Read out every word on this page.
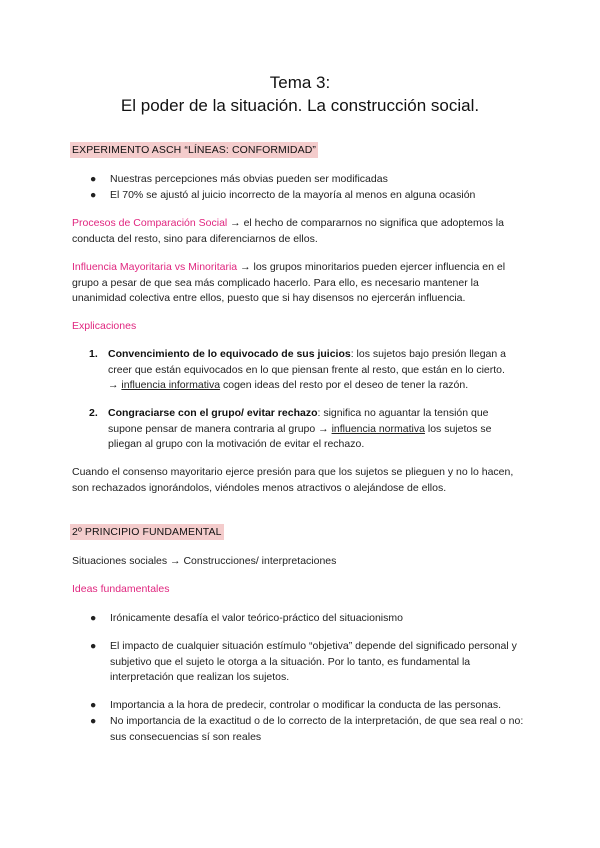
Tema 3:
El poder de la situación. La construcción social.
EXPERIMENTO ASCH “LÍNEAS: CONFORMIDAD”
●	Nuestras percepciones más obvias pueden ser modificadas
●	El 70% se ajustó al juicio incorrecto de la mayoría al menos en alguna ocasión
Procesos de Comparación Social → el hecho de compararnos no significa que adoptemos la conducta del resto, sino para diferenciarnos de ellos.
Influencia Mayoritaria vs Minoritaria → los grupos minoritarios pueden ejercer influencia en el grupo a pesar de que sea más complicado hacerlo. Para ello, es necesario mantener la unanimidad colectiva entre ellos, puesto que si hay disensos no ejercerán influencia.
Explicaciones
1. Convencimiento de lo equivocado de sus juicios: los sujetos bajo presión llegan a creer que están equivocados en lo que piensan frente al resto, que están en lo cierto. → influencia informativa cogen ideas del resto por el deseo de tener la razón.
2. Congraciarse con el grupo/ evitar rechazo: significa no aguantar la tensión que supone pensar de manera contraria al grupo → influencia normativa los sujetos se pliegan al grupo con la motivación de evitar el rechazo.
Cuando el consenso mayoritario ejerce presión para que los sujetos se plieguen y no lo hacen, son rechazados ignorándolos, viéndoles menos atractivos o alejándose de ellos.
2º PRINCIPIO FUNDAMENTAL
Situaciones sociales → Construcciones/ interpretaciones
Ideas fundamentales
●	Irónicamente desafía el valor teórico-práctico del situacionismo
●	El impacto de cualquier situación estímulo “objetiva” depende del significado personal y subjetivo que el sujeto le otorga a la situación. Por lo tanto, es fundamental la interpretación que realizan los sujetos.
●	Importancia a la hora de predecir, controlar o modificar la conducta de las personas.
●	No importancia de la exactitud o de lo correcto de la interpretación, de que sea real o no: sus consecuencias sí son reales
